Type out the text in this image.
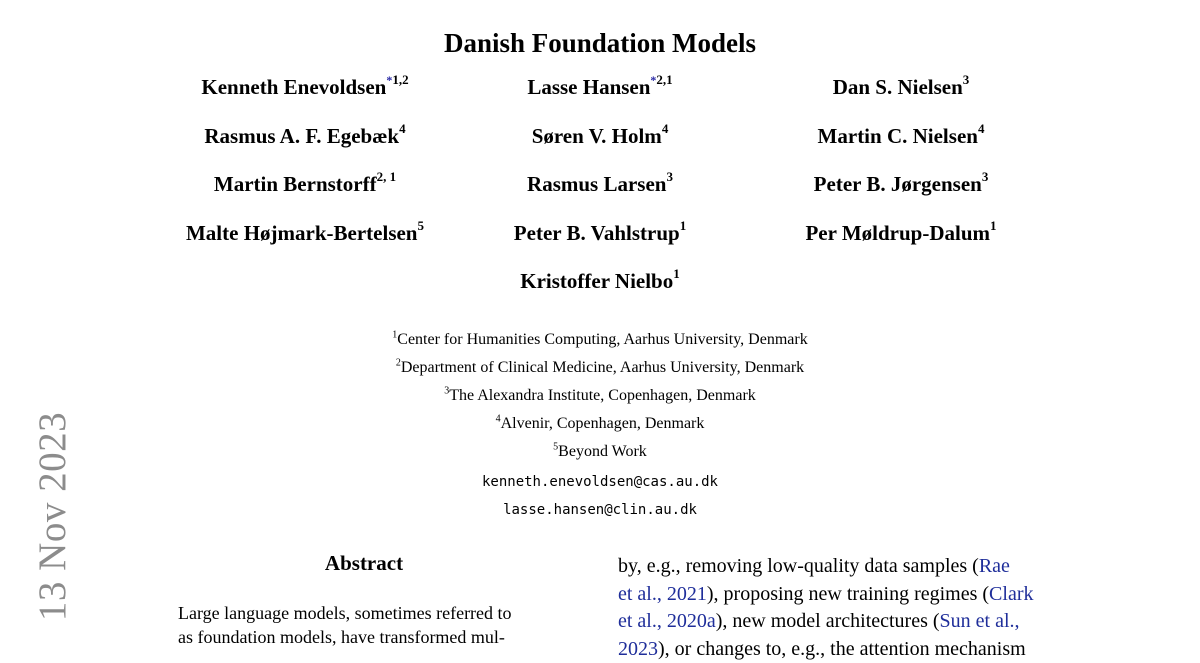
13 Nov 2023
Danish Foundation Models
Kenneth Enevoldsen$^{*1,2}$	Lasse Hansen$^{*2,1}$	Dan S. Nielsen$^3$
Rasmus A. F. Egebæk$^4$	Søren V. Holm$^4$	Martin C. Nielsen$^4$
Martin Bernstorff$^{2, 1}$	Rasmus Larsen$^3$	Peter B. Jørgensen$^3$
Malte Højmark-Bertelsen$^5$	Peter B. Vahlstrup$^1$	Per Møldrup-Dalum$^1$
Kristoffer Nielbo$^1$
$^1$Center for Humanities Computing, Aarhus University, Denmark
$^2$Department of Clinical Medicine, Aarhus University, Denmark
$^3$The Alexandra Institute, Copenhagen, Denmark
$^4$Alvenir, Copenhagen, Denmark
$^5$Beyond Work
kenneth.enevoldsen@cas.au.dk
lasse.hansen@clin.au.dk
Abstract
Large language models, sometimes referred to
as foundation models, have transformed mul-
by, e.g., removing low-quality data samples (Rae
et al., 2021), proposing new training regimes (Clark
et al., 2020a), new model architectures (Sun et al.,
2023), or changes to, e.g., the attention mechanism
